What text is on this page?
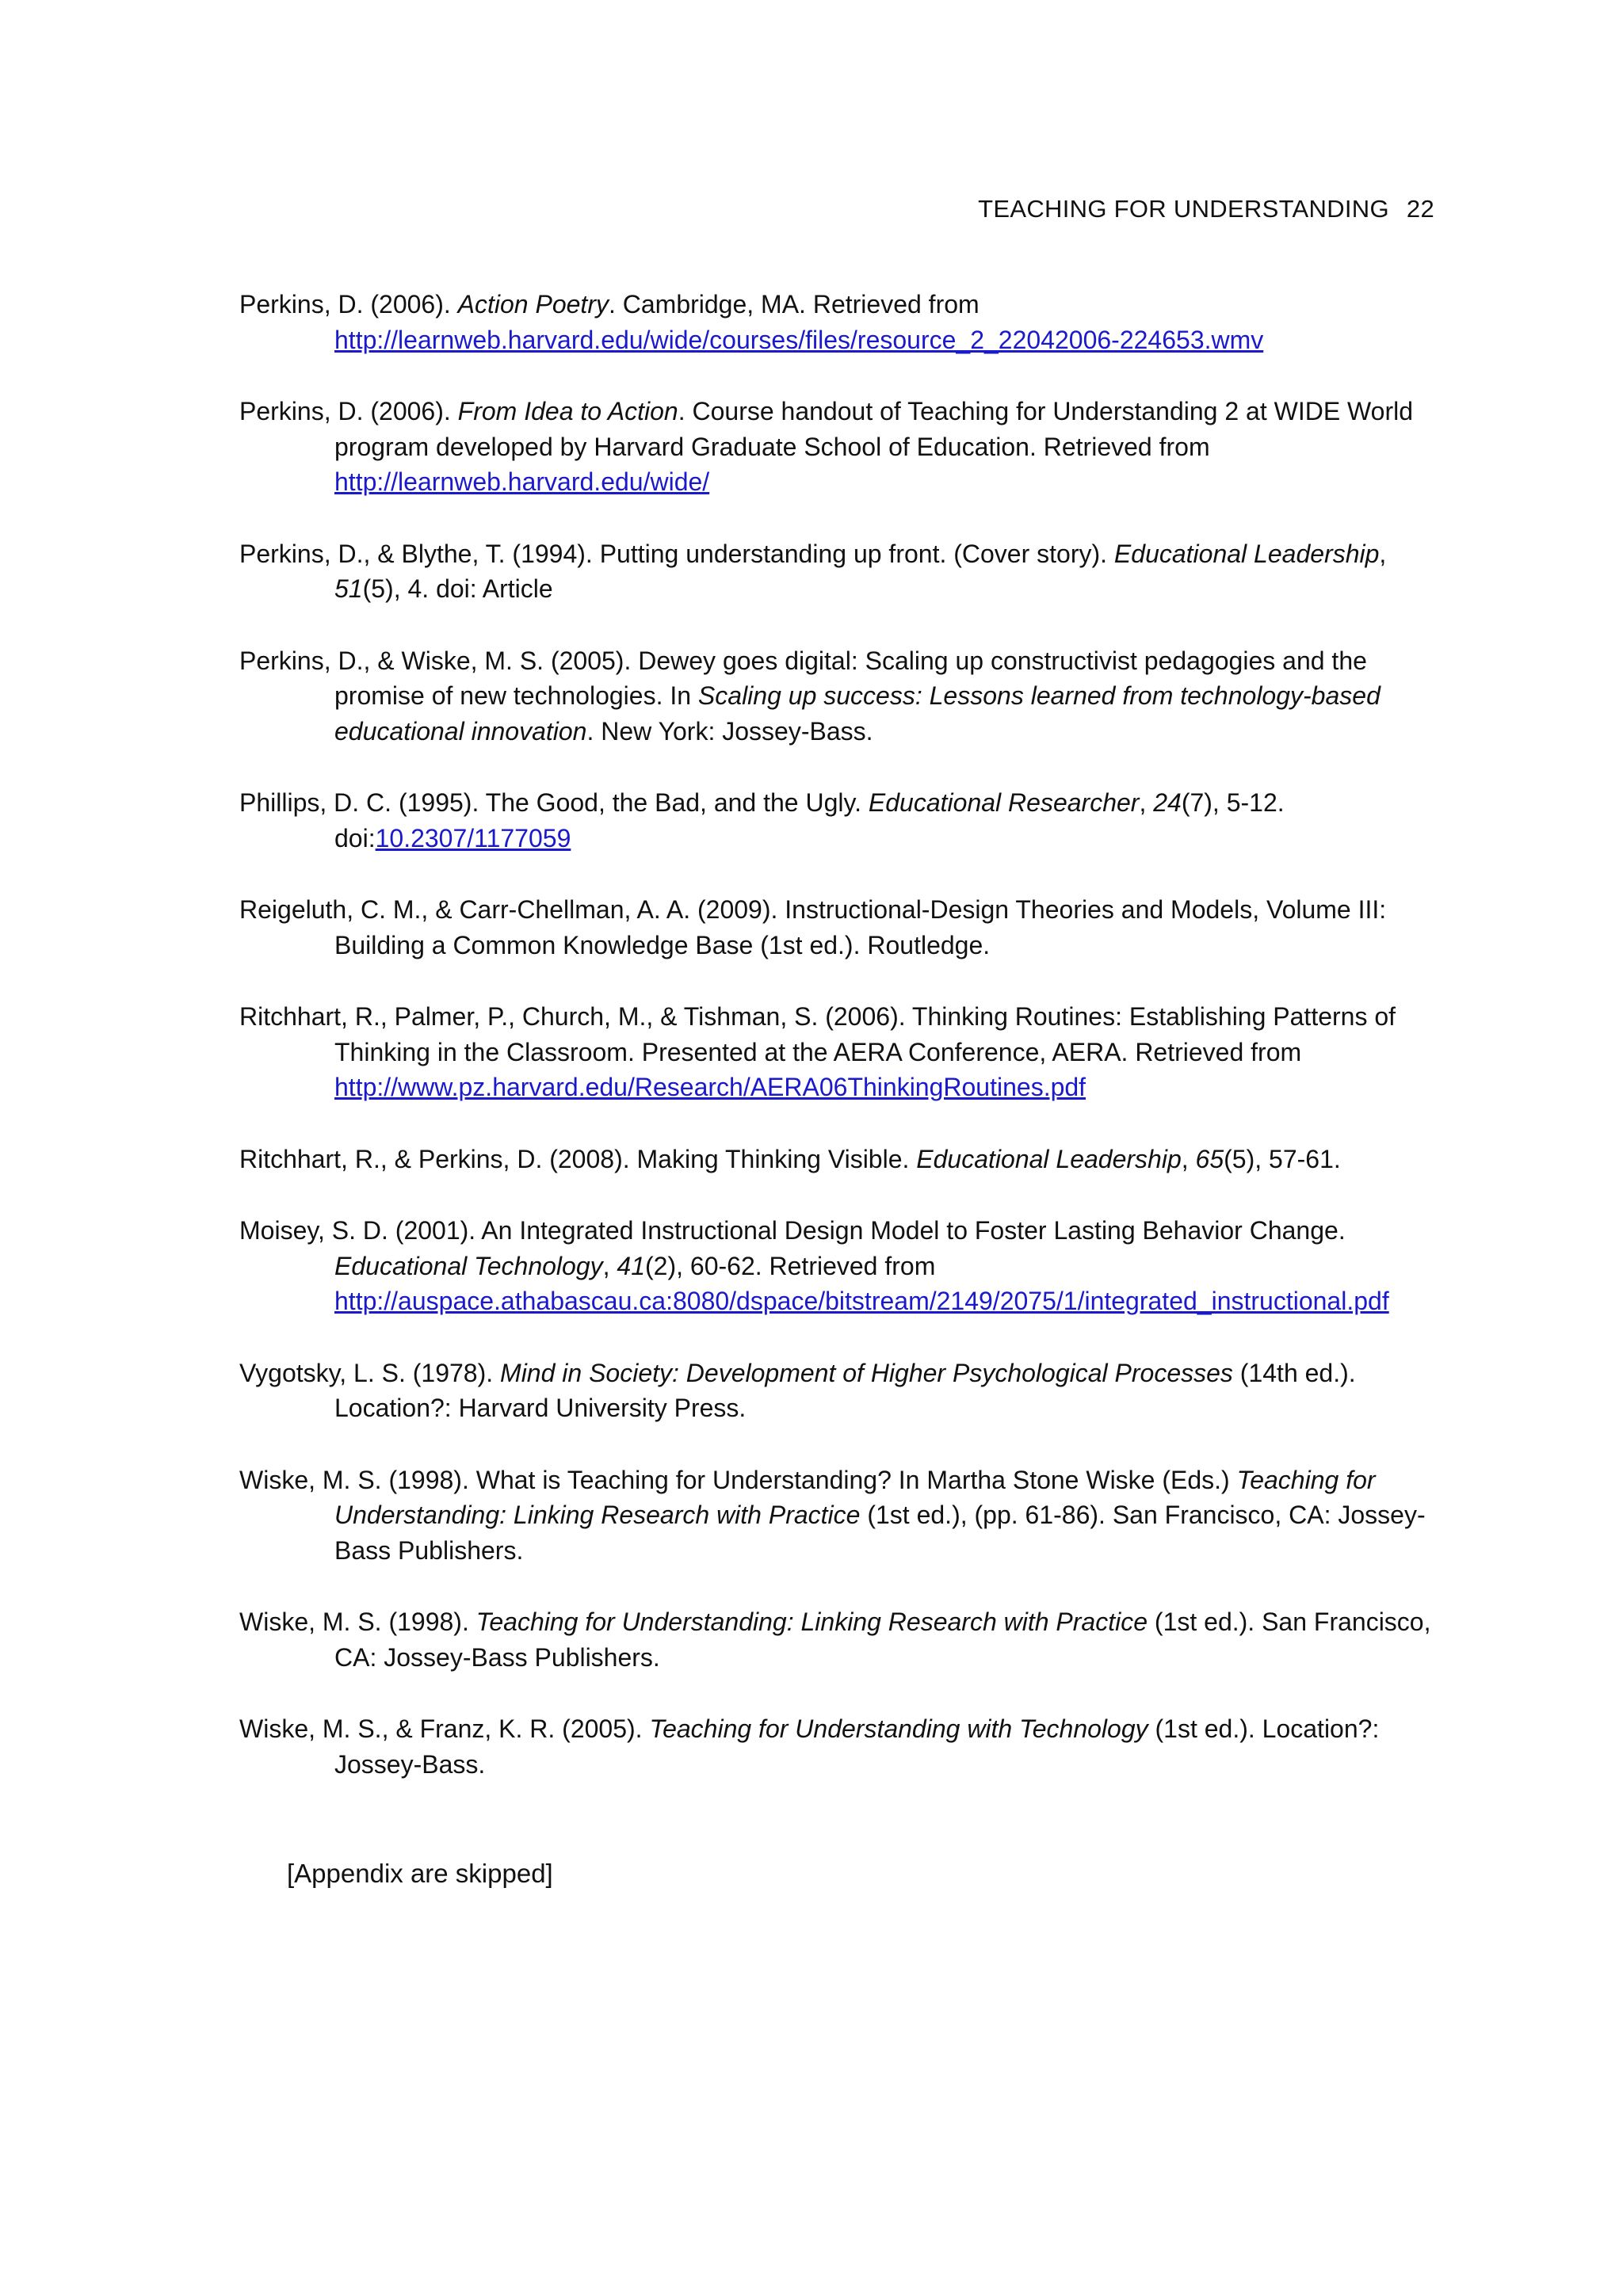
TEACHING FOR UNDERSTANDING 22

Perkins, D. (2006). Action Poetry. Cambridge, MA. Retrieved from
http://learnweb.harvard.edu/wide/courses/files/resource_2_22042006-224653.wmv

Perkins, D. (2006). From Idea to Action. Course handout of Teaching for Understanding 2 at WIDE World program developed by Harvard Graduate School of Education. Retrieved from
http://learnweb.harvard.edu/wide/

Perkins, D., & Blythe, T. (1994). Putting understanding up front. (Cover story). Educational Leadership, 51(5), 4. doi: Article

Perkins, D., & Wiske, M. S. (2005). Dewey goes digital: Scaling up constructivist pedagogies and the promise of new technologies. In Scaling up success: Lessons learned from technology-based educational innovation. New York: Jossey-Bass.

Phillips, D. C. (1995). The Good, the Bad, and the Ugly. Educational Researcher, 24(7), 5-12. doi:10.2307/1177059

Reigeluth, C. M., & Carr-Chellman, A. A. (2009). Instructional-Design Theories and Models, Volume III: Building a Common Knowledge Base (1st ed.). Routledge.

Ritchhart, R., Palmer, P., Church, M., & Tishman, S. (2006). Thinking Routines: Establishing Patterns of Thinking in the Classroom. Presented at the AERA Conference, AERA. Retrieved from
http://www.pz.harvard.edu/Research/AERA06ThinkingRoutines.pdf

Ritchhart, R., & Perkins, D. (2008). Making Thinking Visible. Educational Leadership, 65(5), 57-61.

Moisey, S. D. (2001). An Integrated Instructional Design Model to Foster Lasting Behavior Change. Educational Technology, 41(2), 60-62. Retrieved from
http://auspace.athabascau.ca:8080/dspace/bitstream/2149/2075/1/integrated_instructional.pdf

Vygotsky, L. S. (1978). Mind in Society: Development of Higher Psychological Processes (14th ed.). Location?: Harvard University Press.

Wiske, M. S. (1998). What is Teaching for Understanding? In Martha Stone Wiske (Eds.) Teaching for Understanding: Linking Research with Practice (1st ed.), (pp. 61-86). San Francisco, CA: Jossey-Bass Publishers.

Wiske, M. S. (1998). Teaching for Understanding: Linking Research with Practice (1st ed.). San Francisco, CA: Jossey-Bass Publishers.

Wiske, M. S., & Franz, K. R. (2005). Teaching for Understanding with Technology (1st ed.). Location?: Jossey-Bass.

[Appendix are skipped]
